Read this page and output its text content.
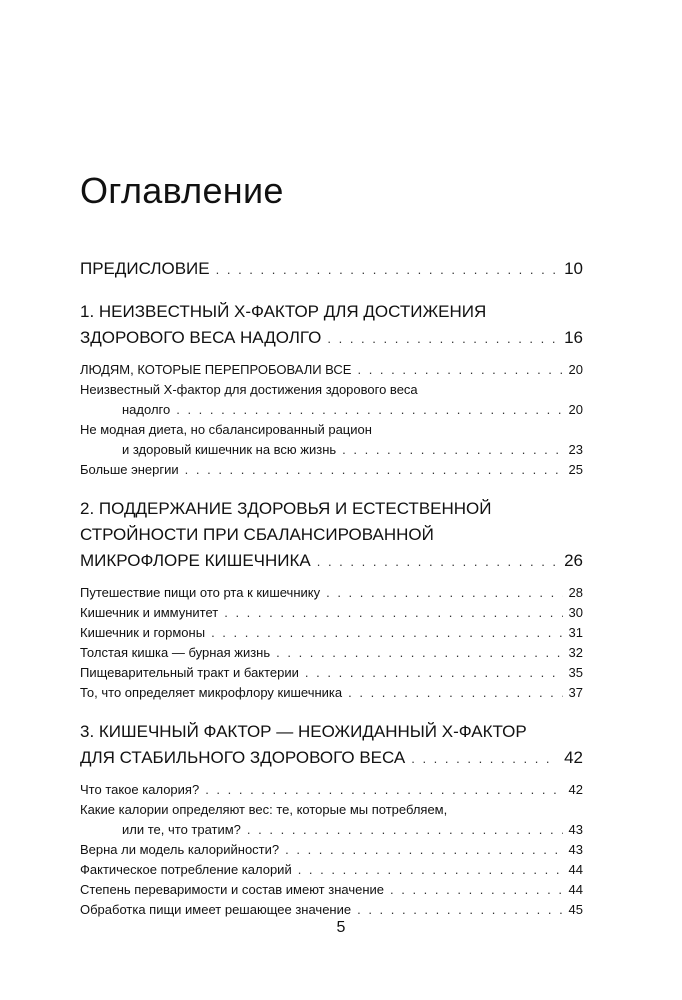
Оглавление
ПРЕДИСЛОВИЕ . . .	10
1. НЕИЗВЕСТНЫЙ Х-ФАКТОР ДЛЯ ДОСТИЖЕНИЯ
ЗДОРОВОГО ВЕСА НАДОЛГО . . .	16
ЛЮДЯМ, КОТОРЫЕ ПЕРЕПРОБОВАЛИ ВСЕ . . .	20
Неизвестный Х-фактор для достижения здорового веса
надолго . . .	20
Не модная диета, но сбалансированный рацион
и здоровый кишечник на всю жизнь . . .	23
Больше энергии . . .	25
2. ПОДДЕРЖАНИЕ ЗДОРОВЬЯ И ЕСТЕСТВЕННОЙ
СТРОЙНОСТИ ПРИ СБАЛАНСИРОВАННОЙ
МИКРОФЛОРЕ КИШЕЧНИКА . . .	26
Путешествие пищи ото рта к кишечнику . . .	28
Кишечник и иммунитет . . .	30
Кишечник и гормоны . . .	31
Толстая кишка — бурная жизнь . . .	32
Пищеварительный тракт и бактерии . . .	35
То, что определяет микрофлору кишечника . . .	37
3. КИШЕЧНЫЙ ФАКТОР — НЕОЖИДАННЫЙ Х-ФАКТОР
ДЛЯ СТАБИЛЬНОГО ЗДОРОВОГО ВЕСА . . .	42
Что такое калория? . . .	42
Какие калории определяют вес: те, которые мы потребляем,
или те, что тратим? . . .	43
Верна ли модель калорийности? . . .	43
Фактическое потребление калорий . . .	44
Степень переваримости и состав имеют значение . . .	44
Обработка пищи имеет решающее значение . . .	45
5
